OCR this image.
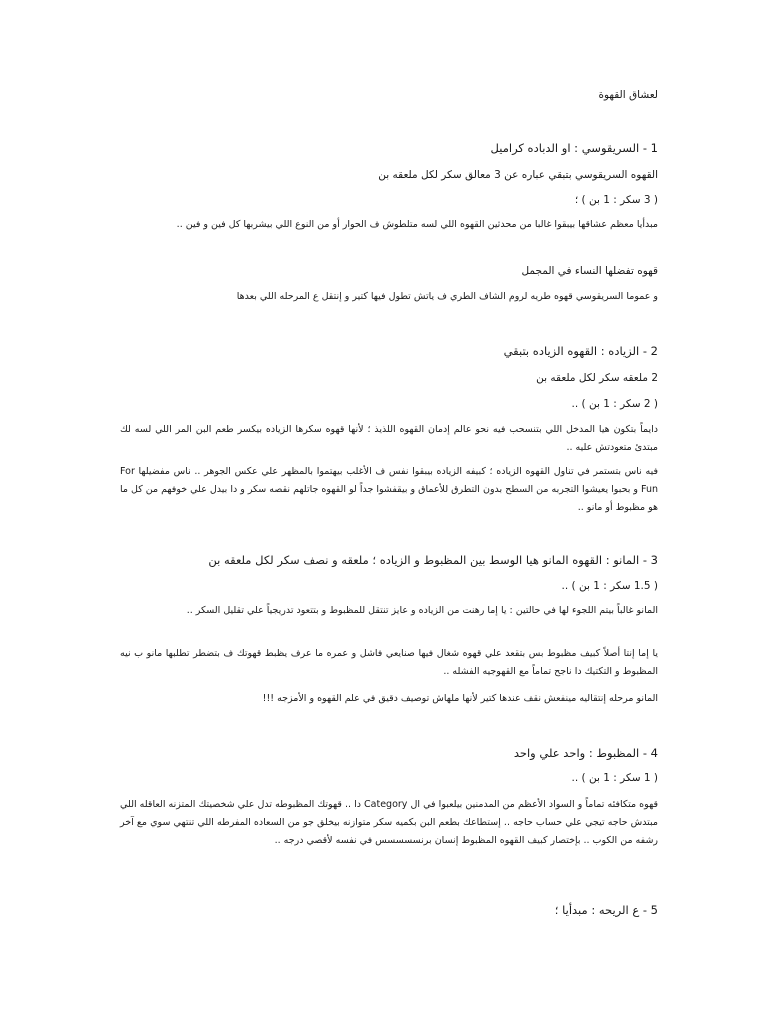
لعشاق القهوة
1 - السريقوسي : او الدباده كراميل
القهوه السريقوسي بتبقي عباره عن 3 معالق سكر لكل ملعقه بن
( 3 سكر : 1 بن ) ؛
مبدأيا معظم عشاقها بيبقوا غالبا من محدثين القهوه اللي لسه متلطوش ف الحوار أو من النوع اللي بيشربها كل فين و فين ..
قهوه تفضلها النساء في المجمل
و عموما السريقوسي قهوه طريه لروم الشاف الطري ف ياتش تطول فيها كتير و إنتقل ع المرحله اللي بعدها
2 - الزياده : القهوه الزياده بتبقي
2 ملعقه سكر لكل ملعقه بن
( 2 سكر : 1 بن ) ..
دايماً بتكون هيا المدخل اللي بتنسحب فيه نحو عالم إدمان القهوه اللذيذ ؛ لأنها قهوه سكرها الزياده بيكسر طعم البن المر اللي لسه لك مبتدئ متعودتش عليه ..
فيه ناس بتستمر في تناول القهوه الزياده ؛ كبيفه الزياده بيبقوا نفس ف الأغلب بيهتموا بالمظهر علي عكس الجوهر .. ناس مفضيلها For Fun و بحبوا يعيشوا التجربه من السطح بدون التطرق للأعماق و بيقفشوا جداً لو القهوه جاتلهم نقصه سكر و دا بيدل علي خوفهم من كل ما هو مظبوط أو مانو ..
3 - المانو : القهوه المانو هيا الوسط بين المظبوط و الزياده ؛ ملعقه و نصف سكر لكل ملعقه بن
( 1.5 سكر : 1 بن ) ..
المانو غالباً بيتم اللجوء لها في حالتين : يا إما رهنت من الزياده و عايز تنتقل للمظبوط و بتتعود تدريجياً علي تقليل السكر ..
يا إما إنتا أصلاً كبيف مظبوط بس بتقعد علي قهوه شغال فيها صنايعي فاشل و عمره ما عرف يظبط قهوتك ف بتضطر تطلبها مانو ب نيه المظبوط و التكتيك دا ناجح تماماً مع القهوجيه الفشله ..
المانو مرحله إنتقاليه مينفعش نقف عندها كتير لأنها ملهاش توصيف دقيق في علم القهوه و الأمزجه !!!
4 - المظبوط : واحد علي واحد
( 1 سكر : 1 بن ) ..
قهوه متكافئه تماماً و السواد الأعظم من المدمنين بيلعبوا في ال Category دا .. قهوتك المظبوطه تدل علي شخصيتك المتزنه العاقله اللي مبتدش حاجه تيجي علي حساب حاجه .. إستطاعك بطعم البن بكميه سكر متوازنه بيخلق جو من السعاده المفرطه اللي تنتهي سوي مع آخر رشفه من الكوب .. بإختصار كبيف القهوه المظبوط إنسان برنسسسسس في نفسه لأقصي درجه ..
5 - ع الريحه : مبدأيا ؛
